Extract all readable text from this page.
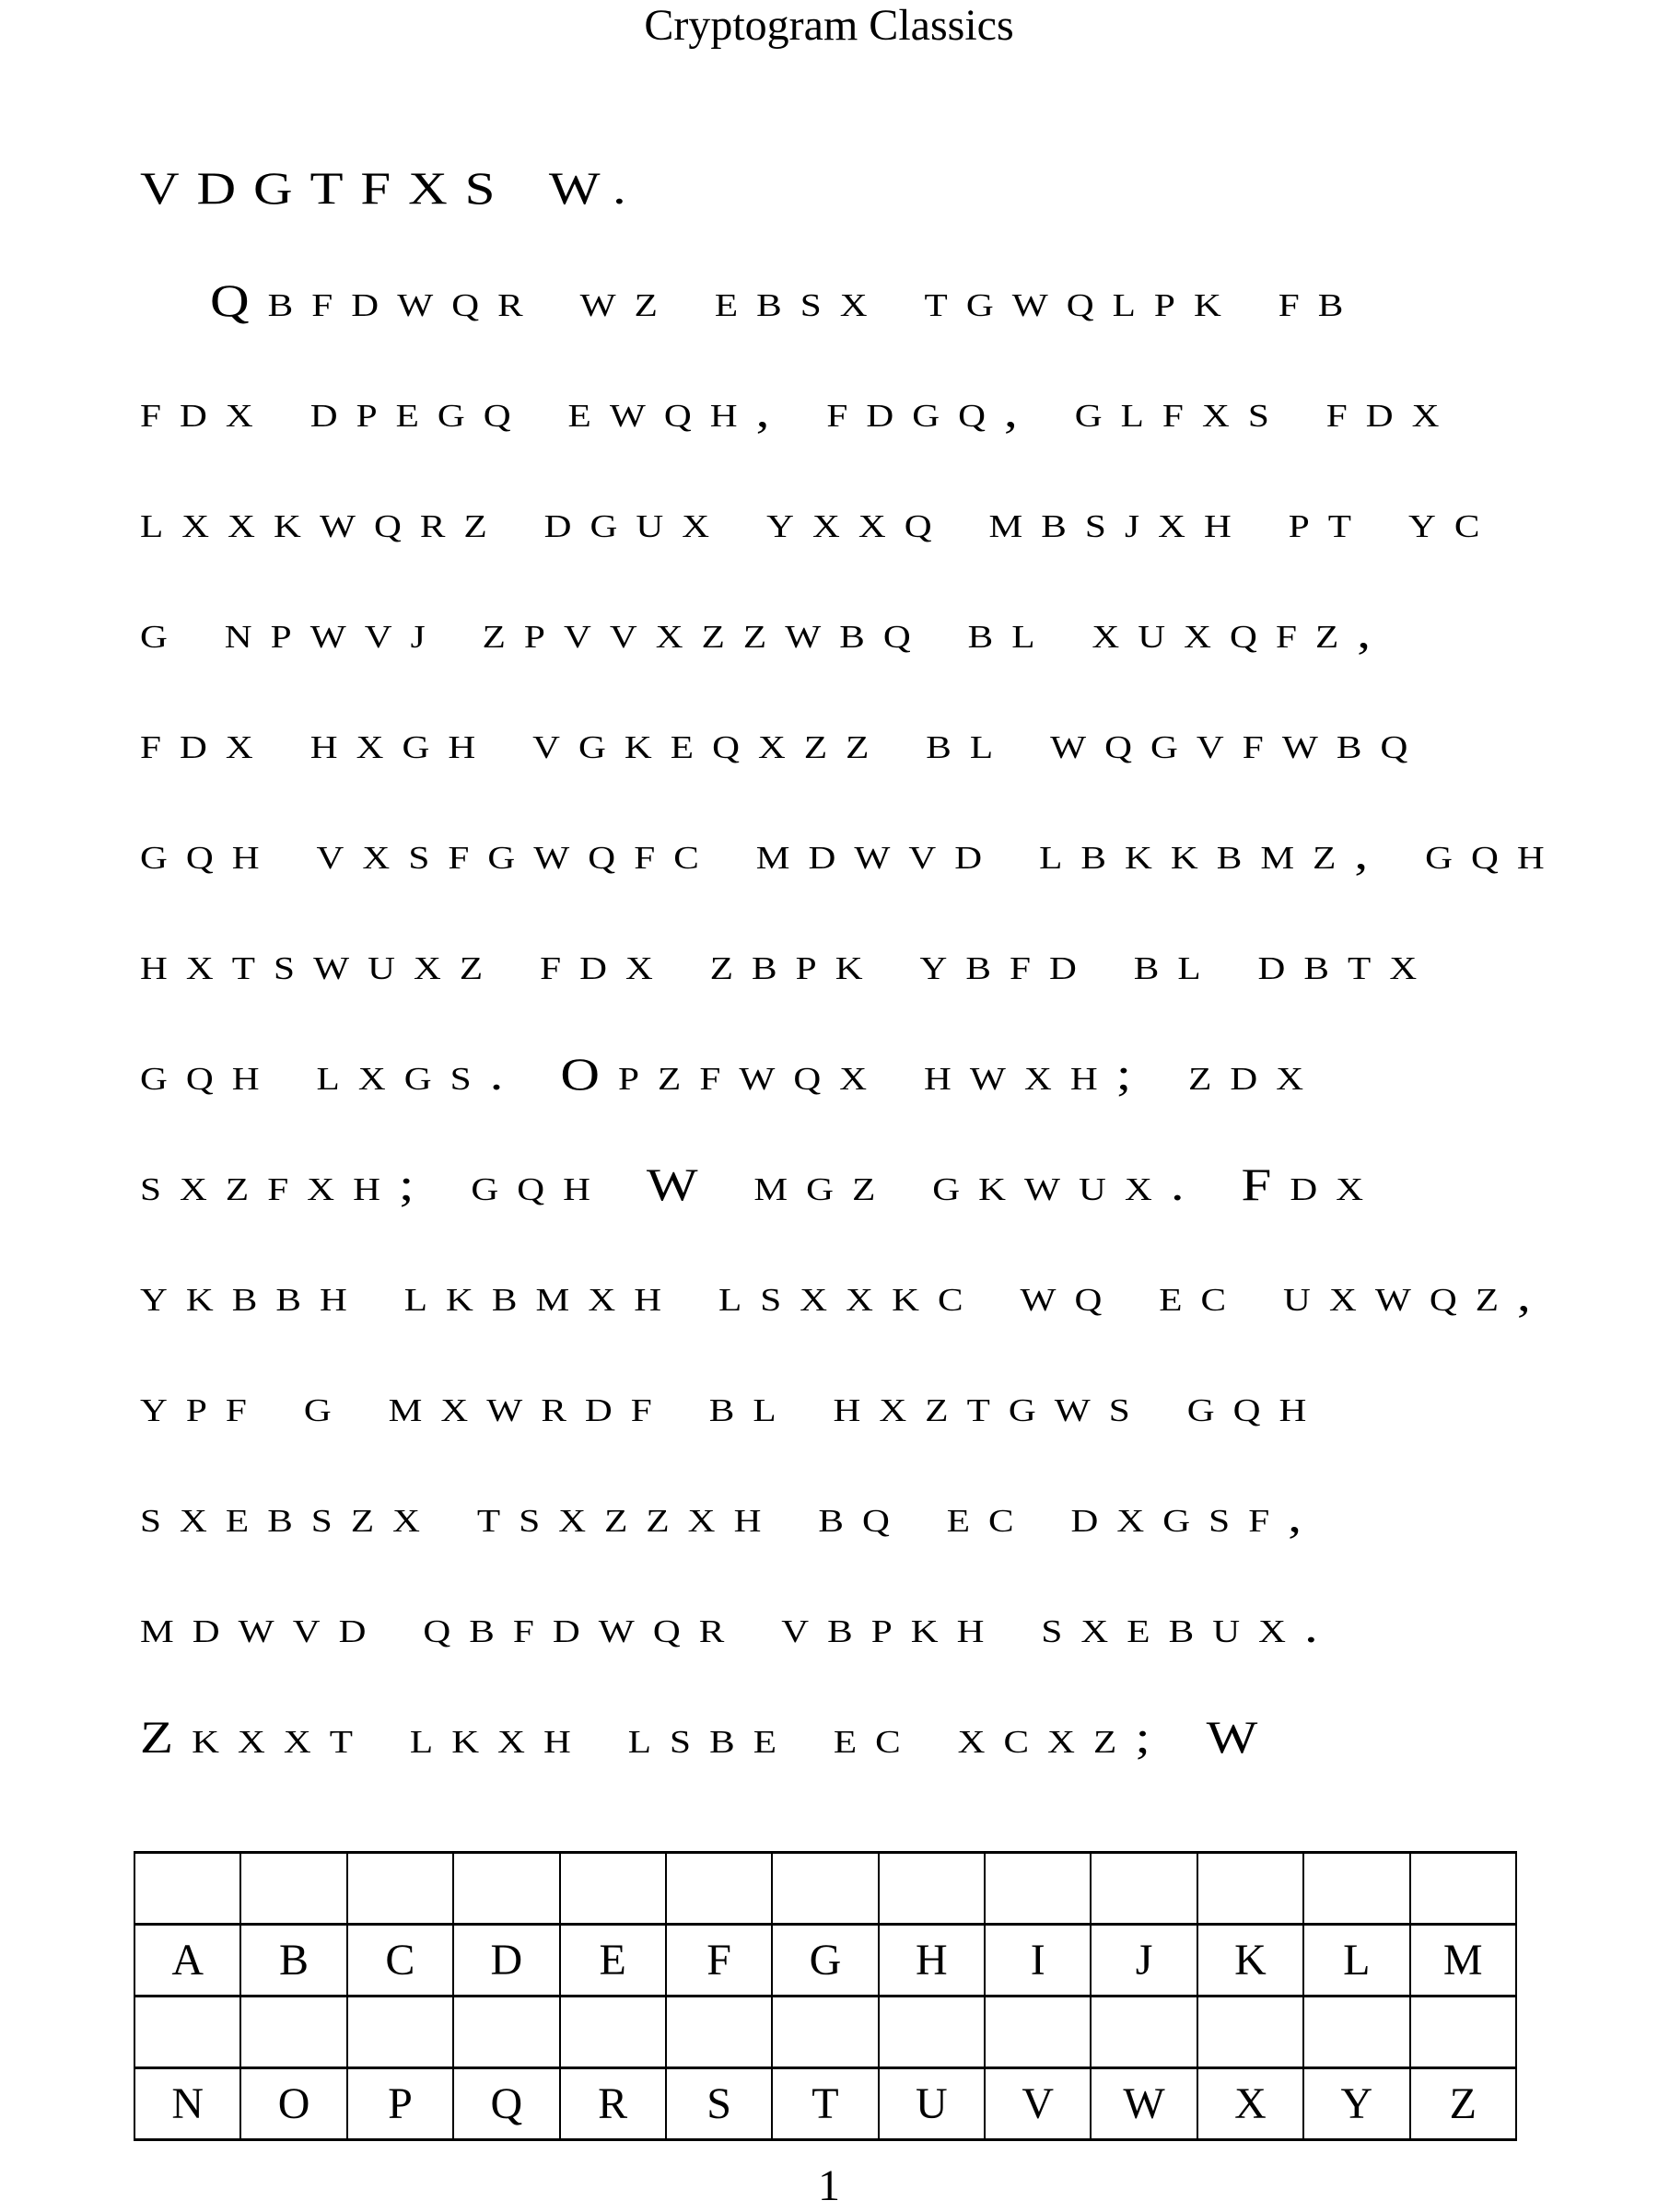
Cryptogram Classics
VDGTFXS W.
Qbfdwqr wz ebsx tgwqlpk fb
fdx dpegq ewqh, fdgq, glfxs fdx
lxxkwqrz dgux yxxq mbsjxh pt yc
g npwvj zpvvxzzwbq bl xuxqfz,
fdx hxgh vgkeqxzz bl wqgvfwbq
gqh vxsfgwqfc mdwvd lbkkbmz, gqh
hxtswuxz fdx zbpk ybfd bl dbtx
gqh lxgs. Opzfwqx hwxh; zdx
sxzfxh; gqh W mgz gkwux. Fdx
ykbbh lkbmxh lsxxkc wq ec uxwqz,
ypf g mxwrdf bl hxztgws gqh
sxebszx tsxzzxh bq ec dxgsf,
mdwvd qbfdwqr vbpkh sxebux.
Zkxxt lkxh lsbe ec xcxz; W

A	B	C	D	E	F	G	H	I	J	K	L	M

N	O	P	Q	R	S	T	U	V	W	X	Y	Z
1
